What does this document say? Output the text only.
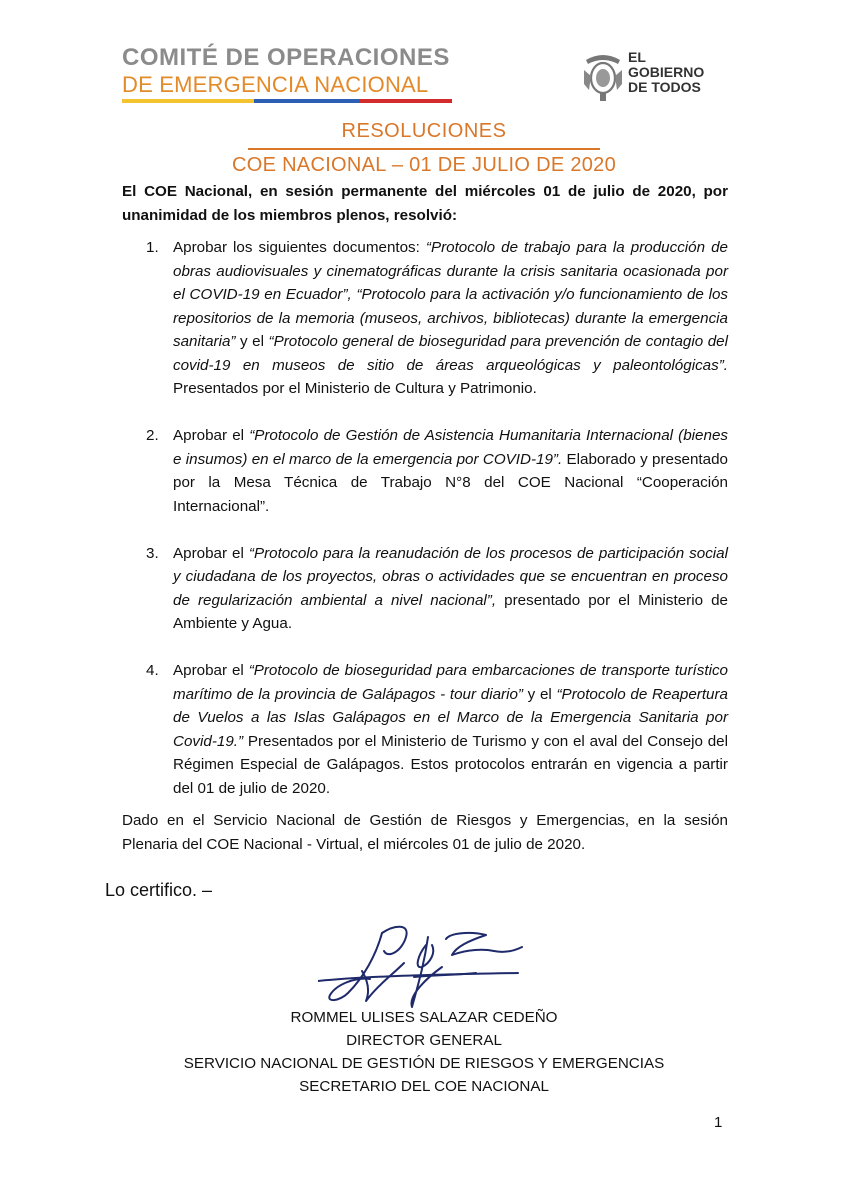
COMITÉ DE OPERACIONES
DE EMERGENCIA NACIONAL
EL
GOBIERNO
DE TODOS
RESOLUCIONES
COE NACIONAL – 01 DE JULIO DE 2020
El COE Nacional, en sesión permanente del miércoles 01 de julio de 2020, por unanimidad de los miembros plenos, resolvió:
1. Aprobar los siguientes documentos: “Protocolo de trabajo para la producción de obras audiovisuales y cinematográficas durante la crisis sanitaria ocasionada por el COVID-19 en Ecuador”, “Protocolo para la activación y/o funcionamiento de los repositorios de la memoria (museos, archivos, bibliotecas) durante la emergencia sanitaria” y el “Protocolo general de bioseguridad para prevención de contagio del covid-19 en museos de sitio de áreas arqueológicas y paleontológicas”. Presentados por el Ministerio de Cultura y Patrimonio.
2. Aprobar el “Protocolo de Gestión de Asistencia Humanitaria Internacional (bienes e insumos) en el marco de la emergencia por COVID-19”. Elaborado y presentado por la Mesa Técnica de Trabajo N°8 del COE Nacional “Cooperación Internacional”.
3. Aprobar el “Protocolo para la reanudación de los procesos de participación social y ciudadana de los proyectos, obras o actividades que se encuentran en proceso de regularización ambiental a nivel nacional”, presentado por el Ministerio de Ambiente y Agua.
4. Aprobar el “Protocolo de bioseguridad para embarcaciones de transporte turístico marítimo de la provincia de Galápagos - tour diario” y el “Protocolo de Reapertura de Vuelos a las Islas Galápagos en el Marco de la Emergencia Sanitaria por Covid-19.” Presentados por el Ministerio de Turismo y con el aval del Consejo del Régimen Especial de Galápagos. Estos protocolos entrarán en vigencia a partir del 01 de julio de 2020.
Dado en el Servicio Nacional de Gestión de Riesgos y Emergencias, en la sesión Plenaria del COE Nacional - Virtual, el miércoles 01 de julio de 2020.
Lo certifico. –
ROMMEL ULISES SALAZAR CEDEÑO
DIRECTOR GENERAL
SERVICIO NACIONAL DE GESTIÓN DE RIESGOS Y EMERGENCIAS
SECRETARIO DEL COE NACIONAL
1
